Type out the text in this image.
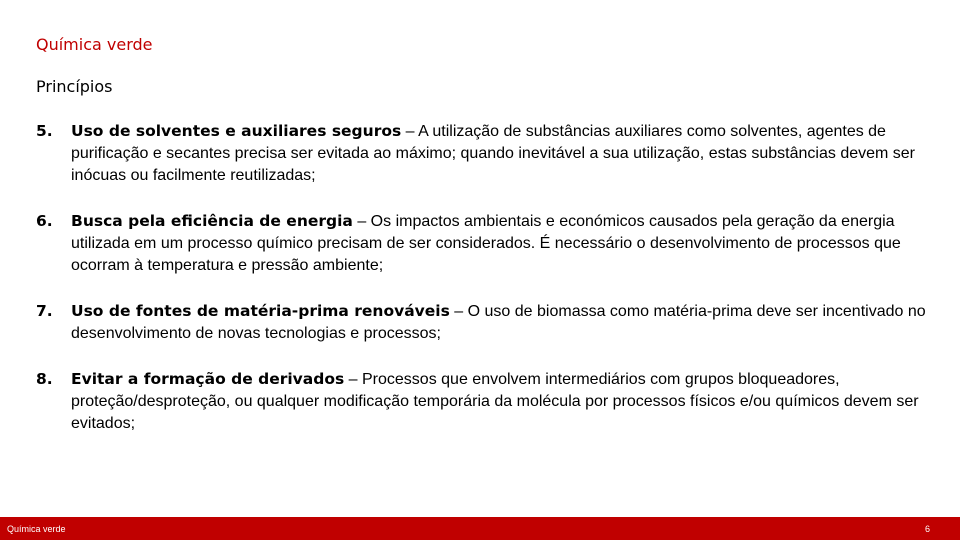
Química verde
Princípios
5.	Uso de solventes e auxiliares seguros – A utilização de substâncias auxiliares como solventes, agentes de purificação e secantes precisa ser evitada ao máximo; quando inevitável a sua utilização, estas substâncias devem ser inócuas ou facilmente reutilizadas;
6.	Busca pela eficiência de energia – Os impactos ambientais e económicos causados pela geração da energia utilizada em um processo químico precisam de ser considerados. É necessário o desenvolvimento de processos que ocorram à temperatura e pressão ambiente;
7.	Uso de fontes de matéria-prima renováveis – O uso de biomassa como matéria-prima deve ser incentivado no desenvolvimento de novas tecnologias e processos;
8.	Evitar a formação de derivados – Processos que envolvem intermediários com grupos bloqueadores, proteção/desproteção, ou qualquer modificação temporária da molécula por processos físicos e/ou químicos devem ser evitados;
Química verde	6
